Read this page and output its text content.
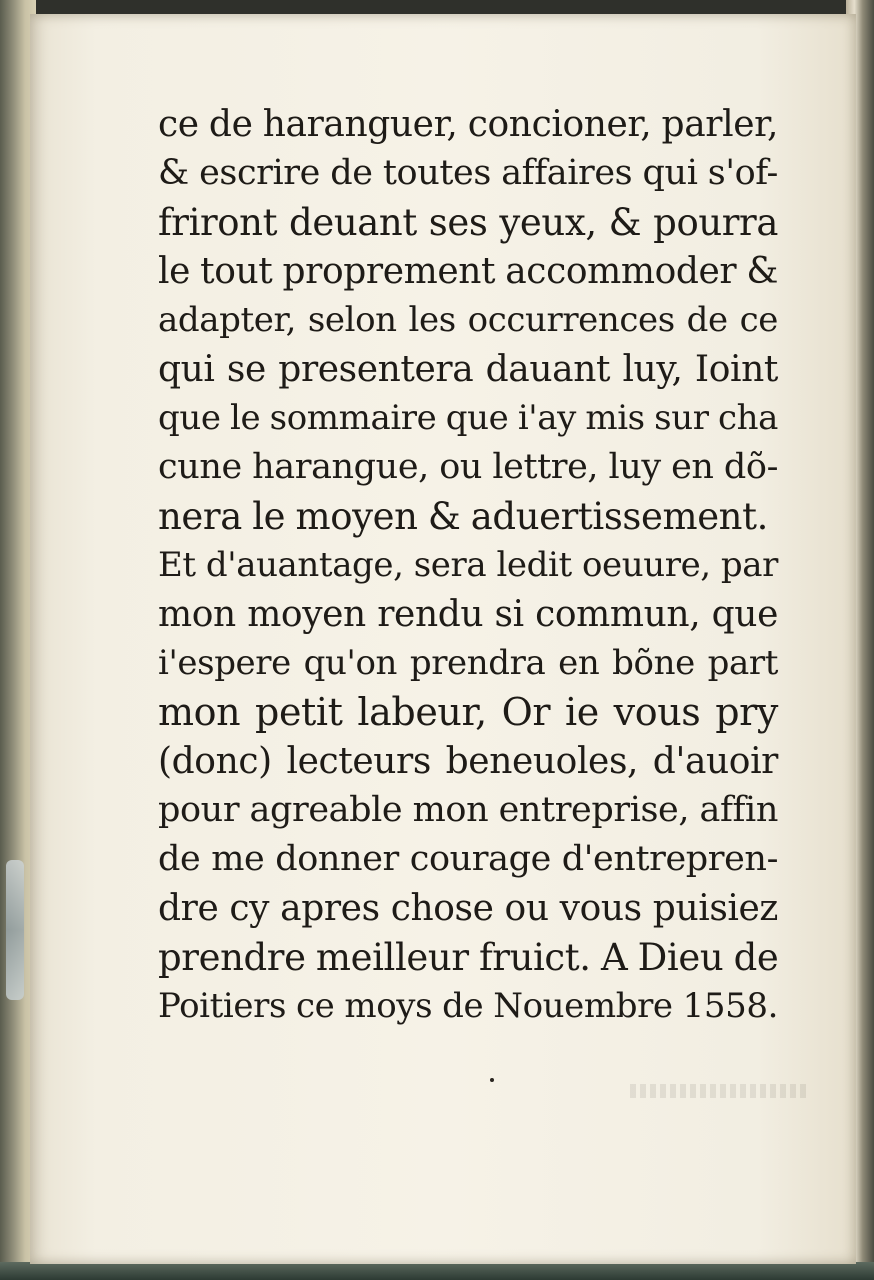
ce de haranguer, concioner, parler,
& escrire de toutes affaires qui s'of-
friront deuant ses yeux, & pourra
le tout proprement accommoder &
adapter, selon les occurrences de ce
qui se presentera dauant luy, Ioint
que le sommaire que i'ay mis sur cha
cune harangue, ou lettre, luy en dõ-
nera le moyen & aduertissement.
Et d'auantage, sera ledit oeuure, par
mon moyen rendu si commun, que
i'espere qu'on prendra en bõne part
mon petit labeur, Or ie vous pry
(donc) lecteurs beneuoles, d'auoir
pour agreable mon entreprise, affin
de me donner courage d'entrepren-
dre cy apres chose ou vous puisiez
prendre meilleur fruict. A Dieu de
Poitiers ce moys de Nouembre 1558.
